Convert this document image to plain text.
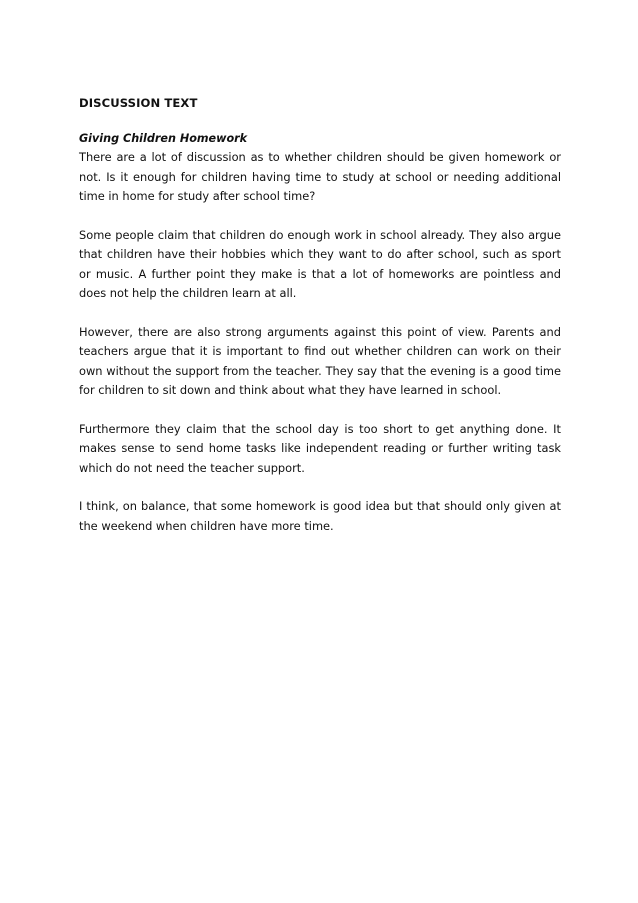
DISCUSSION TEXT

Giving Children Homework

There are a lot of discussion as to whether children should be given homework or not. Is it enough for children having time to study at school or needing additional time in home for study after school time?

Some people claim that children do enough work in school already. They also argue that children have their hobbies which they want to do after school, such as sport or music. A further point they make is that a lot of homeworks are pointless and does not help the children learn at all.

However, there are also strong arguments against this point of view. Parents and teachers argue that it is important to find out whether children can work on their own without the support from the teacher. They say that the evening is a good time for children to sit down and think about what they have learned in school.

Furthermore they claim that the school day is too short to get anything done. It makes sense to send home tasks like independent reading or further writing task which do not need the teacher support.

I think, on balance, that some homework is good idea but that should only given at the weekend when children have more time.
